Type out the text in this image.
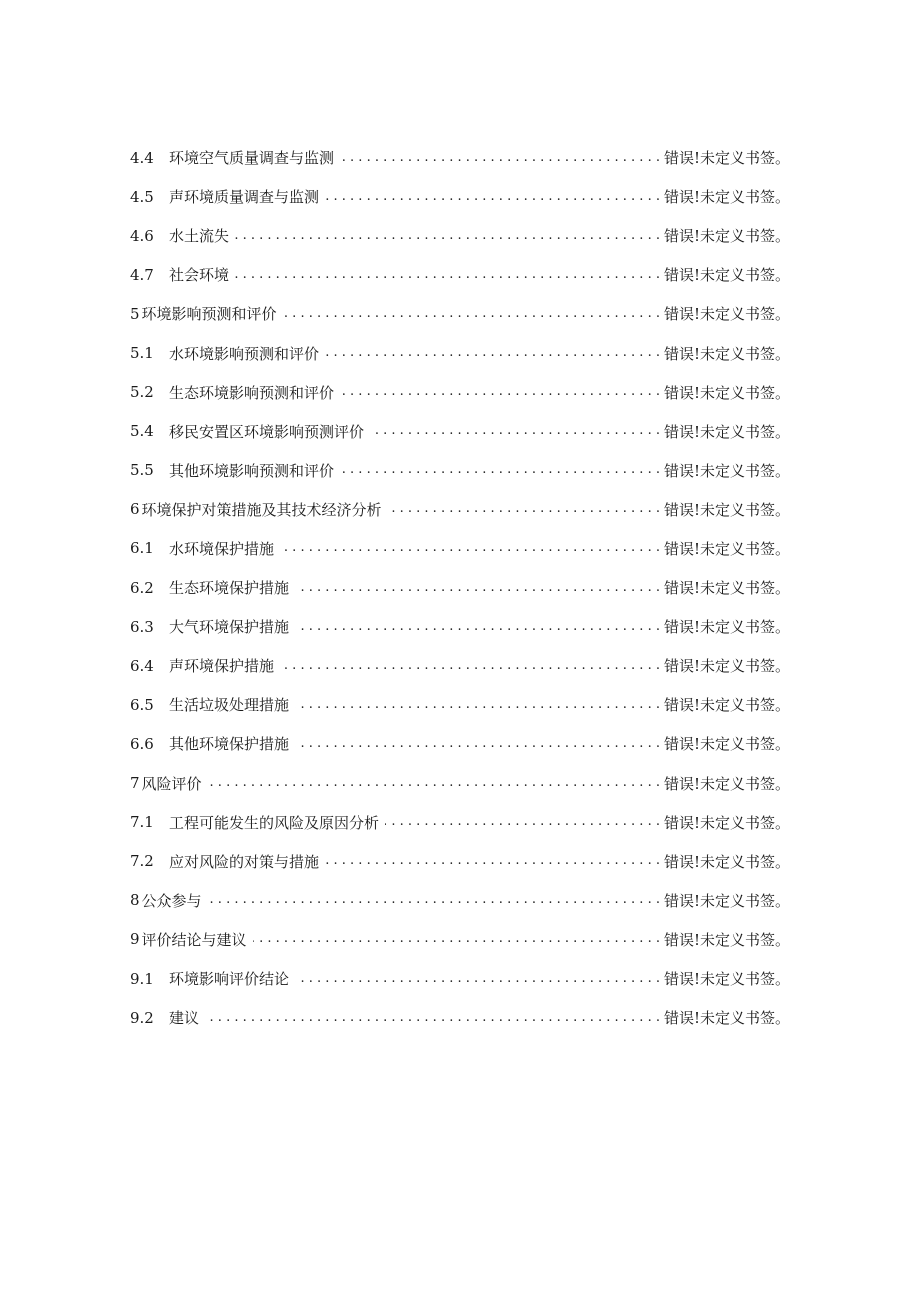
4.4	环境空气质量调查与监测 . . .	错误!未定义书签。
4.5	声环境质量调查与监测 . . .	错误!未定义书签。
4.6	水土流失 . . .	错误!未定义书签。
4.7	社会环境 . . .	错误!未定义书签。
5 环境影响预测和评价 . . .	错误!未定义书签。
5.1	水环境影响预测和评价 . . .	错误!未定义书签。
5.2	生态环境影响预测和评价 . . .	错误!未定义书签。
5.4	移民安置区环境影响预测评价 . . .	错误!未定义书签。
5.5	其他环境影响预测和评价 . . .	错误!未定义书签。
6 环境保护对策措施及其技术经济分析 . . .	错误!未定义书签。
6.1	水环境保护措施 . . .	错误!未定义书签。
6.2	生态环境保护措施 . . .	错误!未定义书签。
6.3	大气环境保护措施 . . .	错误!未定义书签。
6.4	声环境保护措施 . . .	错误!未定义书签。
6.5	生活垃圾处理措施 . . .	错误!未定义书签。
6.6	其他环境保护措施 . . .	错误!未定义书签。
7 风险评价 . . .	错误!未定义书签。
7.1	工程可能发生的风险及原因分析 . . .	错误!未定义书签。
7.2	应对风险的对策与措施 . . .	错误!未定义书签。
8 公众参与 . . .	错误!未定义书签。
9 评价结论与建议 . . .	错误!未定义书签。
9.1	环境影响评价结论 . . .	错误!未定义书签。
9.2	建议 . . .	错误!未定义书签。
